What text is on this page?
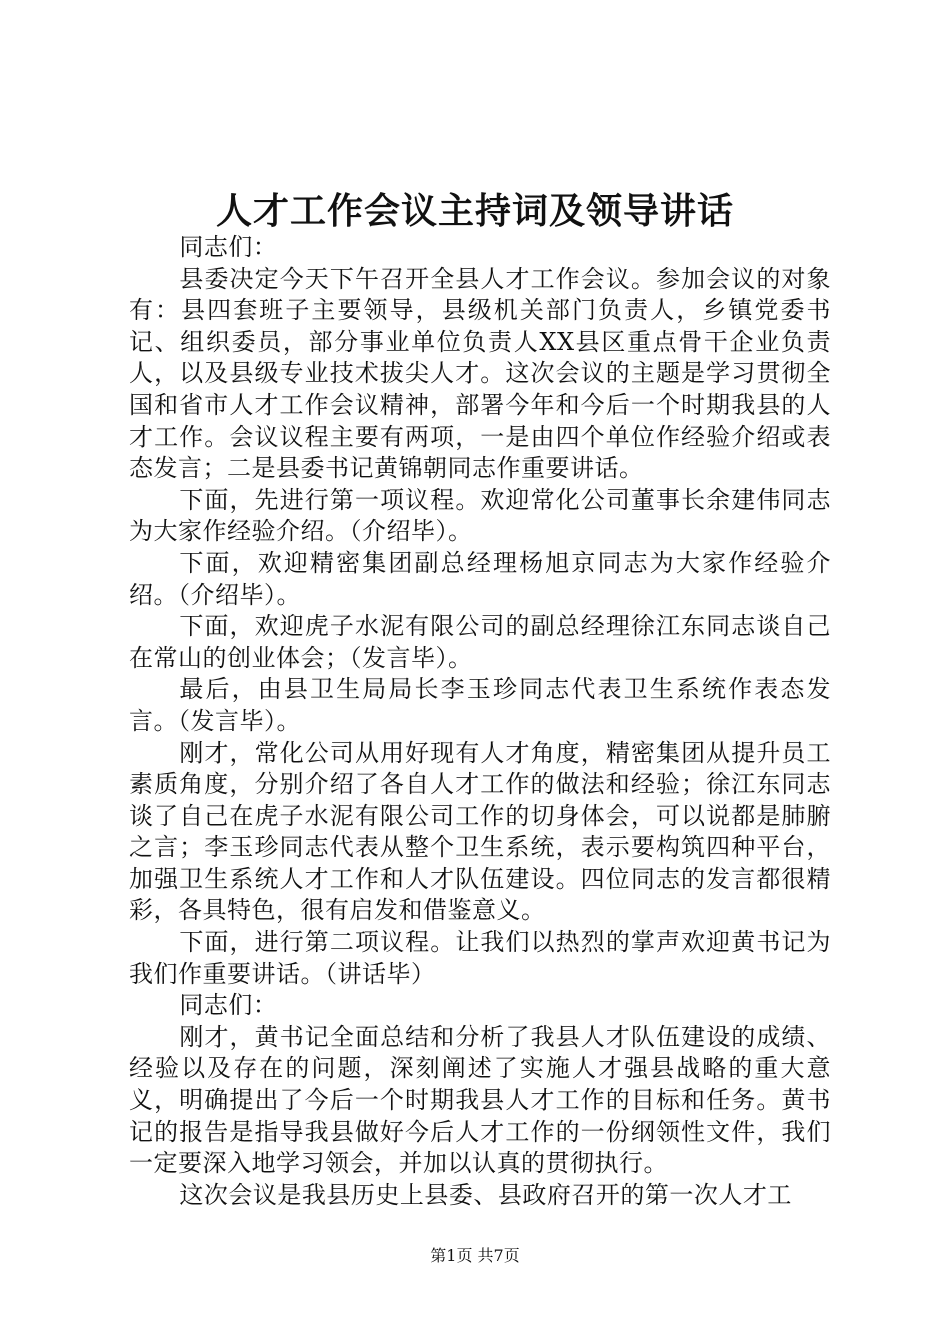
人才工作会议主持词及领导讲话

同志们：

县委决定今天下午召开全县人才工作会议。参加会议的对象有：县四套班子主要领导，县级机关部门负责人，乡镇党委书记、组织委员，部分事业单位负责人XX县区重点骨干企业负责人，以及县级专业技术拔尖人才。这次会议的主题是学习贯彻全国和省市人才工作会议精神，部署今年和今后一个时期我县的人才工作。会议议程主要有两项，一是由四个单位作经验介绍或表态发言；二是县委书记黄锦朝同志作重要讲话。

下面，先进行第一项议程。欢迎常化公司董事长余建伟同志为大家作经验介绍。（介绍毕）。

下面，欢迎精密集团副总经理杨旭京同志为大家作经验介绍。（介绍毕）。

下面，欢迎虎子水泥有限公司的副总经理徐江东同志谈自己在常山的创业体会；（发言毕）。

最后，由县卫生局局长李玉珍同志代表卫生系统作表态发言。（发言毕）。

刚才，常化公司从用好现有人才角度，精密集团从提升员工素质角度，分别介绍了各自人才工作的做法和经验；徐江东同志谈了自己在虎子水泥有限公司工作的切身体会，可以说都是肺腑之言；李玉珍同志代表从整个卫生系统，表示要构筑四种平台，加强卫生系统人才工作和人才队伍建设。四位同志的发言都很精彩，各具特色，很有启发和借鉴意义。

下面，进行第二项议程。让我们以热烈的掌声欢迎黄书记为我们作重要讲话。（讲话毕）

同志们：

刚才，黄书记全面总结和分析了我县人才队伍建设的成绩、经验以及存在的问题，深刻阐述了实施人才强县战略的重大意义，明确提出了今后一个时期我县人才工作的目标和任务。黄书记的报告是指导我县做好今后人才工作的一份纲领性文件，我们一定要深入地学习领会，并加以认真的贯彻执行。

这次会议是我县历史上县委、县政府召开的第一次人才工

第1页 共7页
